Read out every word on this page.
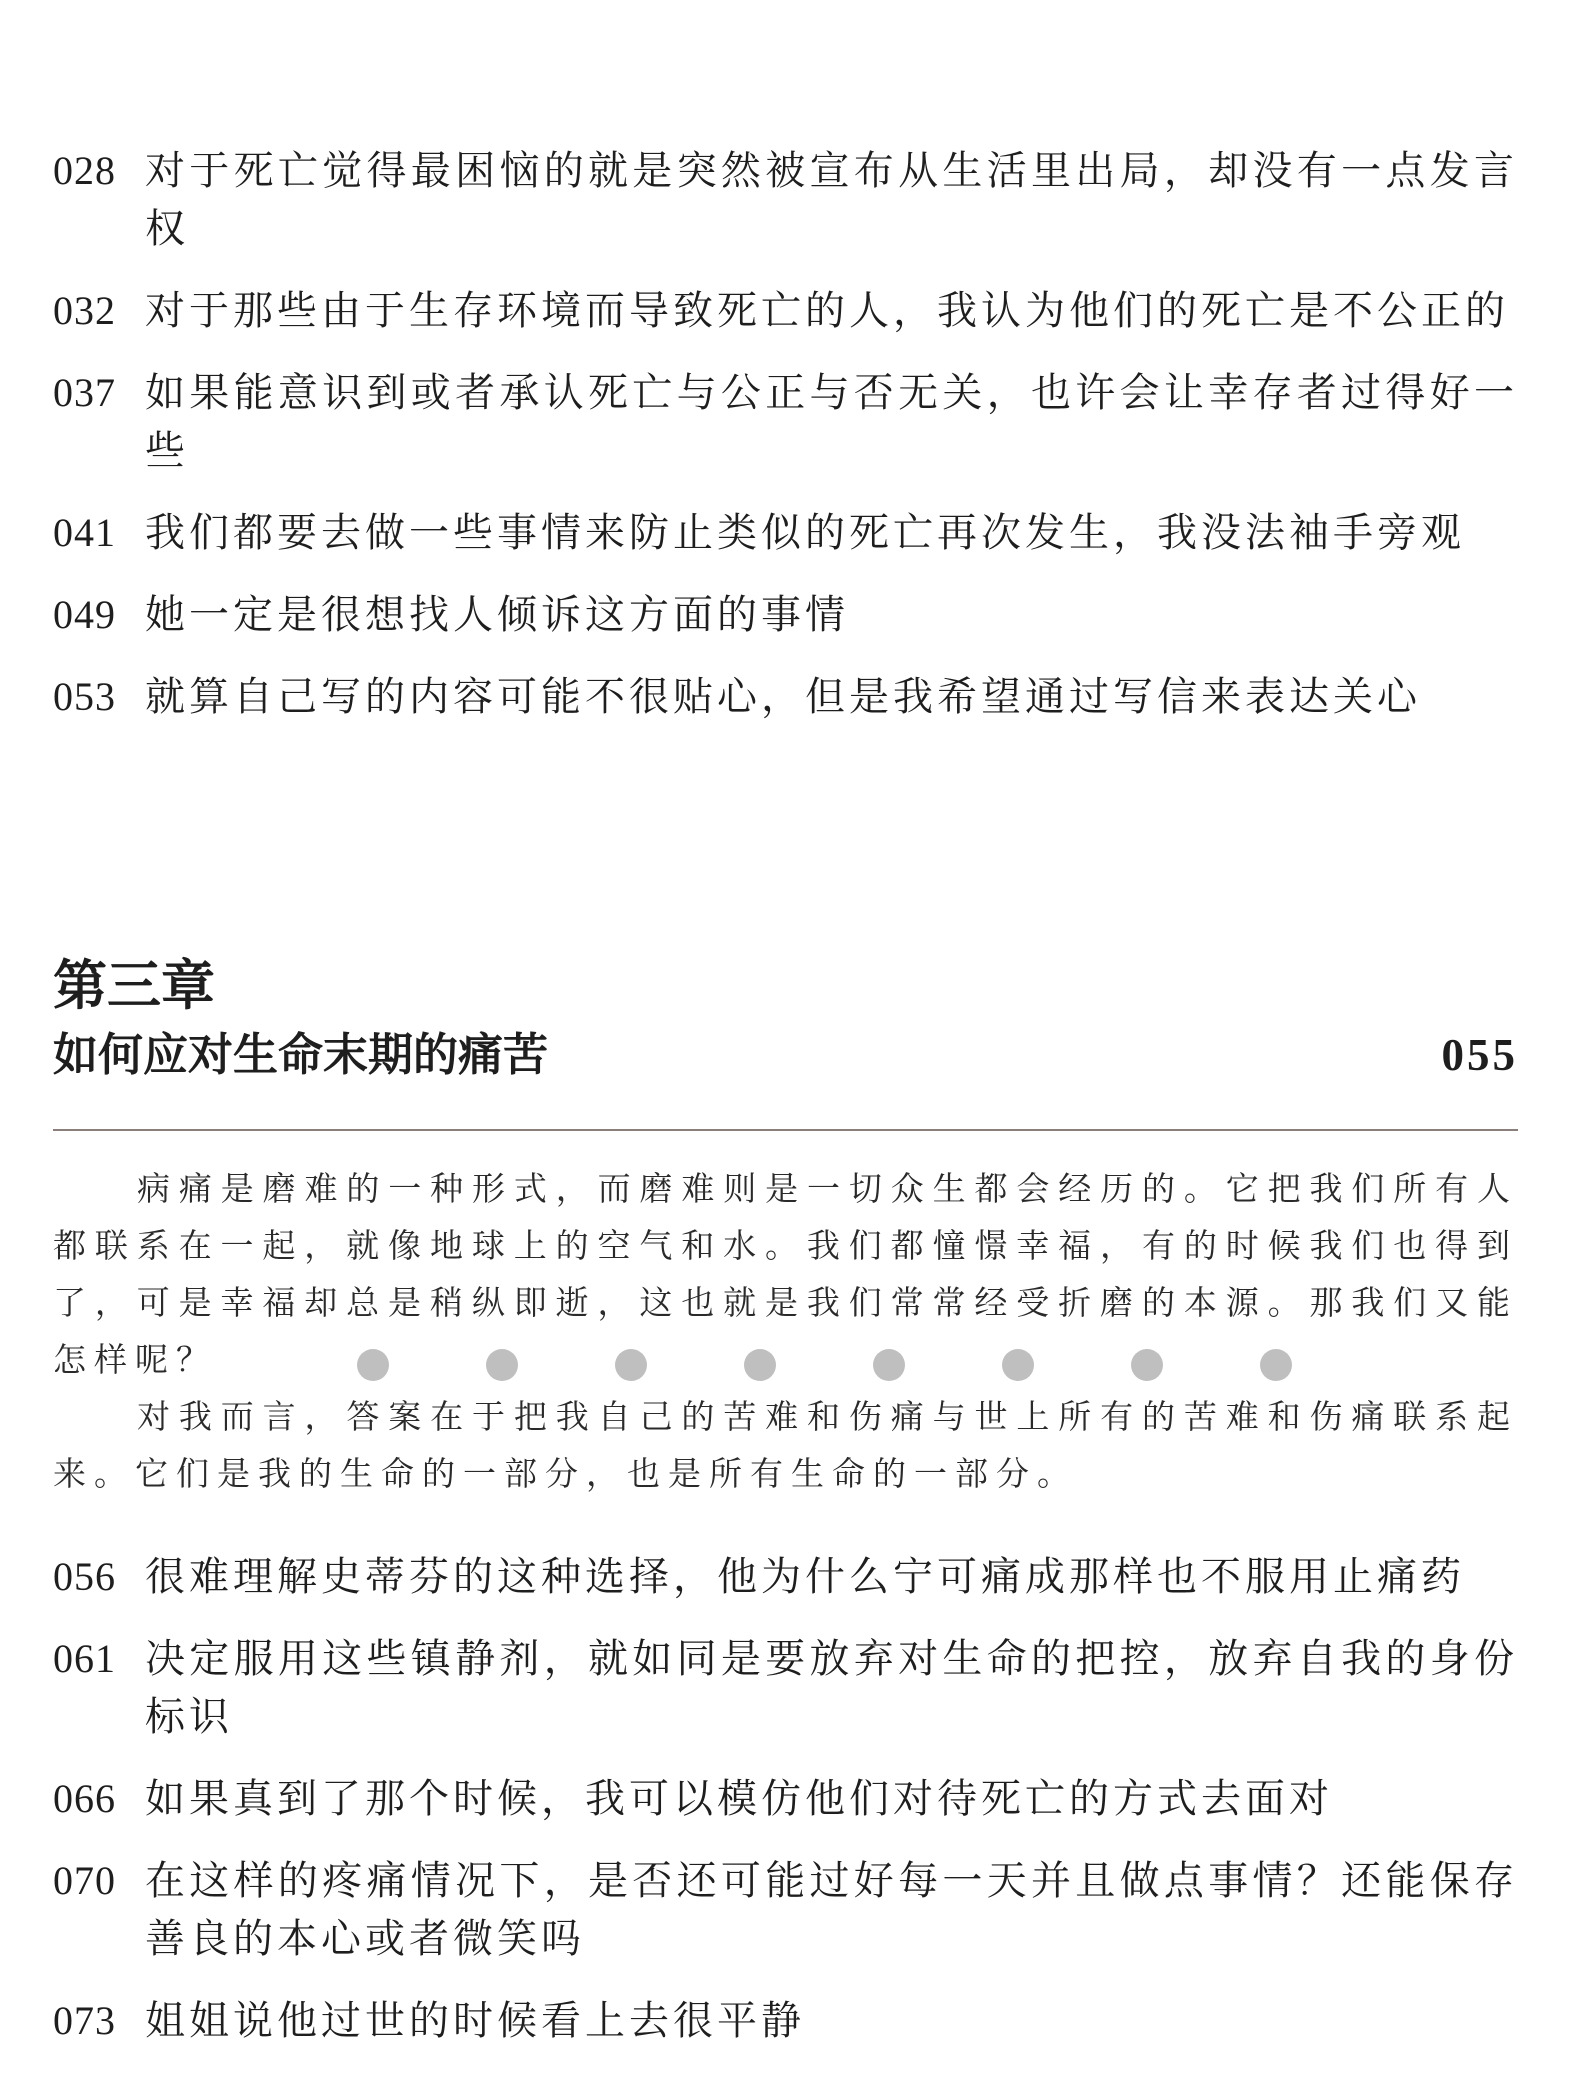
028 对于死亡觉得最困恼的就是突然被宣布从生活里出局，却没有一点发言权
032 对于那些由于生存环境而导致死亡的人，我认为他们的死亡是不公正的
037 如果能意识到或者承认死亡与公正与否无关，也许会让幸存者过得好一些
041 我们都要去做一些事情来防止类似的死亡再次发生，我没法袖手旁观
049 她一定是很想找人倾诉这方面的事情
053 就算自己写的内容可能不很贴心，但是我希望通过写信来表达关心
第三章
如何应对生命末期的痛苦	055

病痛是磨难的一种形式，而磨难则是一切众生都会经历的。它把我们所有人都联系在一起，就像地球上的空气和水。我们都憧憬幸福，有的时候我们也得到了，可是幸福却总是稍纵即逝，这也就是我们常常经受折磨的本源。那我们又能怎样呢？

对我而言，答案在于把我自己的苦难和伤痛与世上所有的苦难和伤痛联系起来。它们是我的生命的一部分，也是所有生命的一部分。

056 很难理解史蒂芬的这种选择，他为什么宁可痛成那样也不服用止痛药
061 决定服用这些镇静剂，就如同是要放弃对生命的把控，放弃自我的身份标识
066 如果真到了那个时候，我可以模仿他们对待死亡的方式去面对
070 在这样的疼痛情况下，是否还可能过好每一天并且做点事情？还能保存善良的本心或者微笑吗
073 姐姐说他过世的时候看上去很平静
